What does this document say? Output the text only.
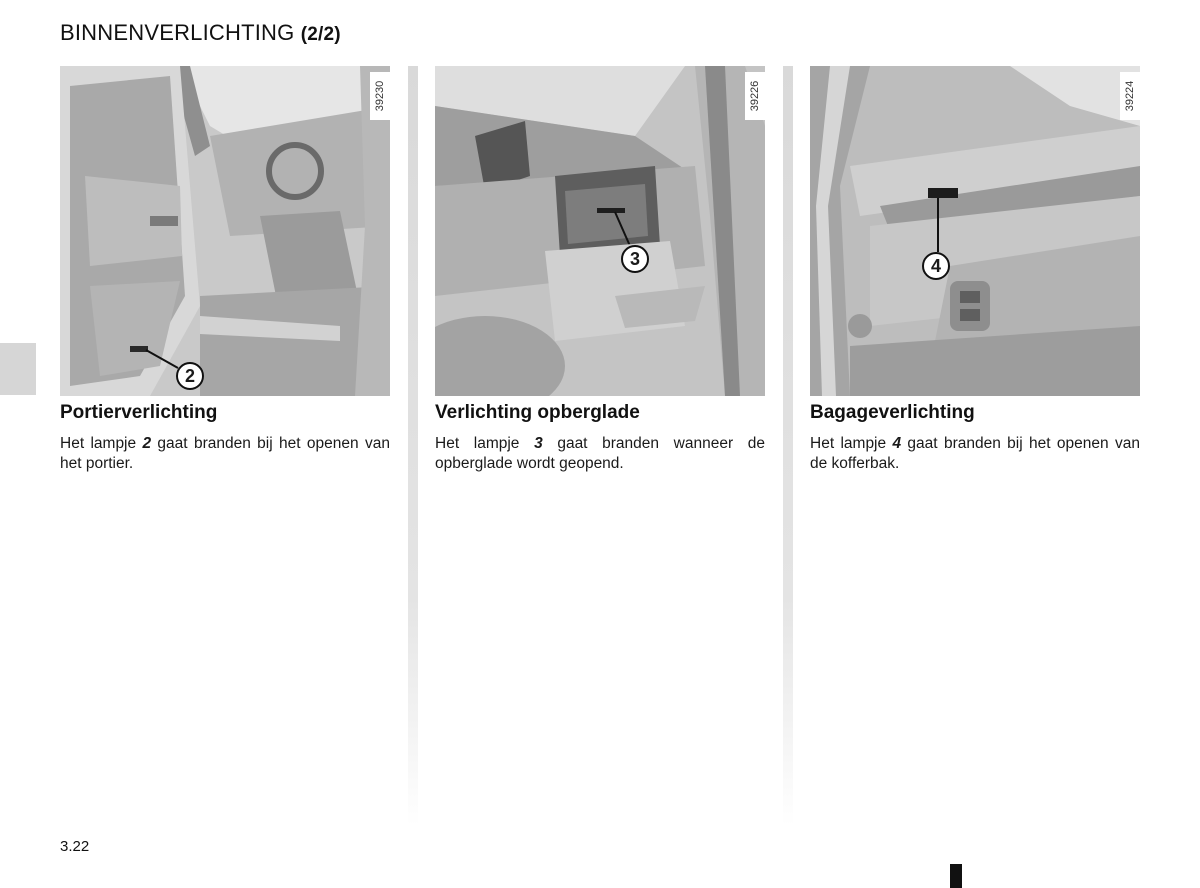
BINNENVERLICHTING (2/2)
39230
2
Portierverlichting

Het lampje 2 gaat branden bij het openen van het portier.

39226
3
Verlichting opberglade

Het lampje 3 gaat branden wanneer de opberglade wordt geopend.

39224
4
Bagageverlichting

Het lampje 4 gaat branden bij het openen van de kofferbak.

3.22
